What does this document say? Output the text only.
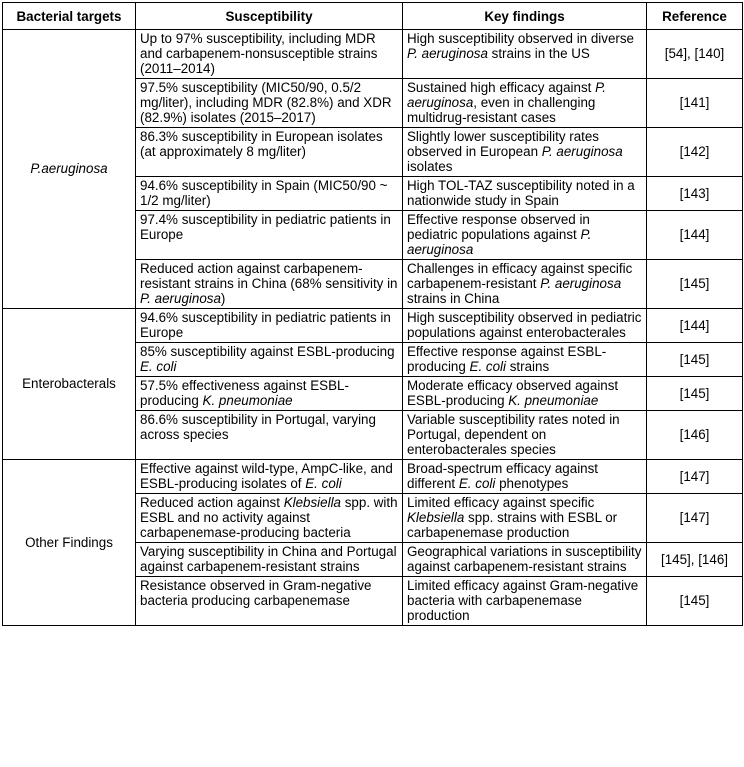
Bacterial targets	Susceptibility	Key findings	Reference
P.aeruginosa	Up to 97% susceptibility, including MDR and carbapenem-nonsusceptible strains (2011–2014)	High susceptibility observed in diverse P. aeruginosa strains in the US	[54], [140]
	97.5% susceptibility (MIC50/90, 0.5/2 mg/liter), including MDR (82.8%) and XDR (82.9%) isolates (2015–2017)	Sustained high efficacy against P. aeruginosa, even in challenging multidrug-resistant cases	[141]
	86.3% susceptibility in European isolates (at approximately 8 mg/liter)	Slightly lower susceptibility rates observed in European P. aeruginosa isolates	[142]
	94.6% susceptibility in Spain (MIC50/90 ~ 1/2 mg/liter)	High TOL-TAZ susceptibility noted in a nationwide study in Spain	[143]
	97.4% susceptibility in pediatric patients in Europe	Effective response observed in pediatric populations against P. aeruginosa	[144]
	Reduced action against carbapenem-resistant strains in China (68% sensitivity in P. aeruginosa)	Challenges in efficacy against specific carbapenem-resistant P. aeruginosa strains in China	[145]
Enterobacterals	94.6% susceptibility in pediatric patients in Europe	High susceptibility observed in pediatric populations against enterobacterales	[144]
	85% susceptibility against ESBL-producing E. coli	Effective response against ESBL-producing E. coli strains	[145]
	57.5% effectiveness against ESBL-producing K. pneumoniae	Moderate efficacy observed against ESBL-producing K. pneumoniae	[145]
	86.6% susceptibility in Portugal, varying across species	Variable susceptibility rates noted in Portugal, dependent on enterobacterales species	[146]
Other Findings	Effective against wild-type, AmpC-like, and ESBL-producing isolates of E. coli	Broad-spectrum efficacy against different E. coli phenotypes	[147]
	Reduced action against Klebsiella spp. with ESBL and no activity against carbapenemase-producing bacteria	Limited efficacy against specific Klebsiella spp. strains with ESBL or carbapenemase production	[147]
	Varying susceptibility in China and Portugal against carbapenem-resistant strains	Geographical variations in susceptibility against carbapenem-resistant strains	[145], [146]
	Resistance observed in Gram-negative bacteria producing carbapenemase	Limited efficacy against Gram-negative bacteria with carbapenemase production	[145]
